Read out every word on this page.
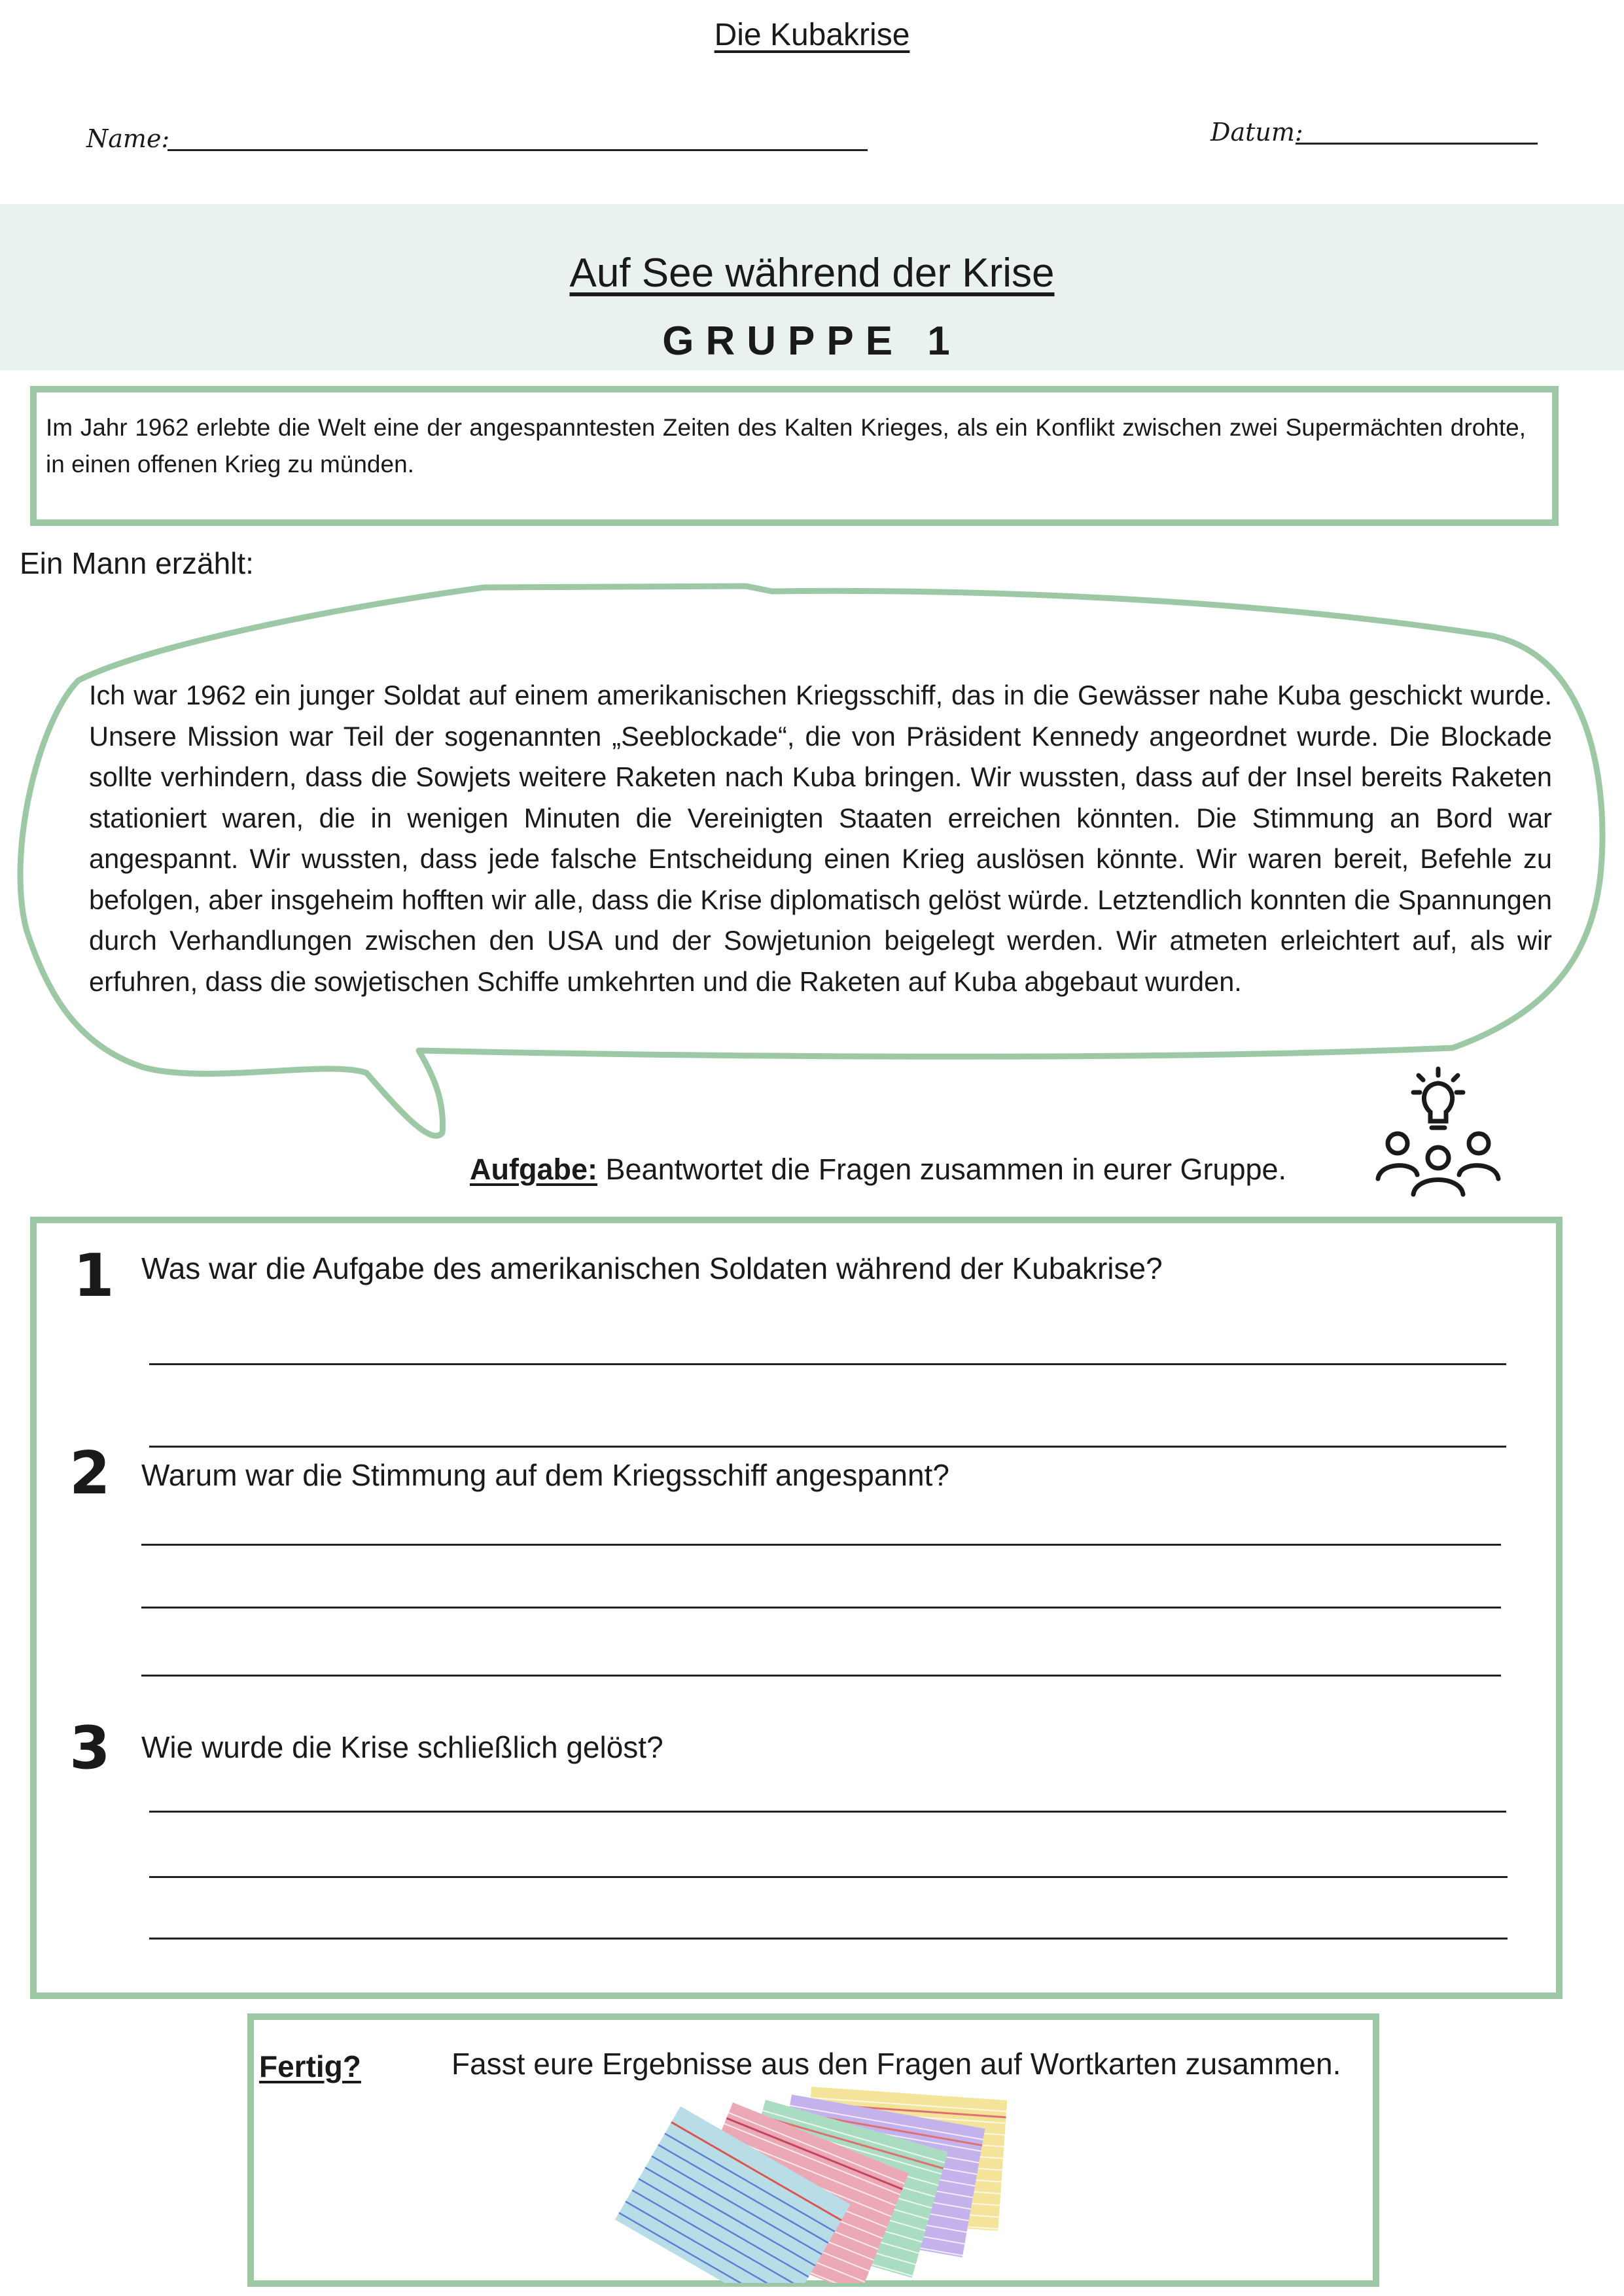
Die Kubakrise
Name:	Datum:
Auf See während der Krise
GRUPPE 1
Im Jahr 1962 erlebte die Welt eine der angespanntesten Zeiten des Kalten Krieges, als ein Konflikt zwischen zwei Supermächten drohte, in einen offenen Krieg zu münden.
Ein Mann erzählt:
Ich war 1962 ein junger Soldat auf einem amerikanischen Kriegsschiff, das in die Gewässer nahe Kuba geschickt wurde. Unsere Mission war Teil der sogenannten „Seeblockade“, die von Präsident Kennedy angeordnet wurde. Die Blockade sollte verhindern, dass die Sowjets weitere Raketen nach Kuba bringen. Wir wussten, dass auf der Insel bereits Raketen stationiert waren, die in wenigen Minuten die Vereinigten Staaten erreichen könnten. Die Stimmung an Bord war angespannt. Wir wussten, dass jede falsche Entscheidung einen Krieg auslösen könnte. Wir waren bereit, Befehle zu befolgen, aber insgeheim hofften wir alle, dass die Krise diplomatisch gelöst würde. Letztendlich konnten die Spannungen durch Verhandlungen zwischen den USA und der Sowjetunion beigelegt werden. Wir atmeten erleichtert auf, als wir erfuhren, dass die sowjetischen Schiffe umkehrten und die Raketen auf Kuba abgebaut wurden.
Aufgabe: Beantwortet die Fragen zusammen in eurer Gruppe.
1 Was war die Aufgabe des amerikanischen Soldaten während der Kubakrise?
2 Warum war die Stimmung auf dem Kriegsschiff angespannt?
3 Wie wurde die Krise schließlich gelöst?
Fertig?	Fasst eure Ergebnisse aus den Fragen auf Wortkarten zusammen.
